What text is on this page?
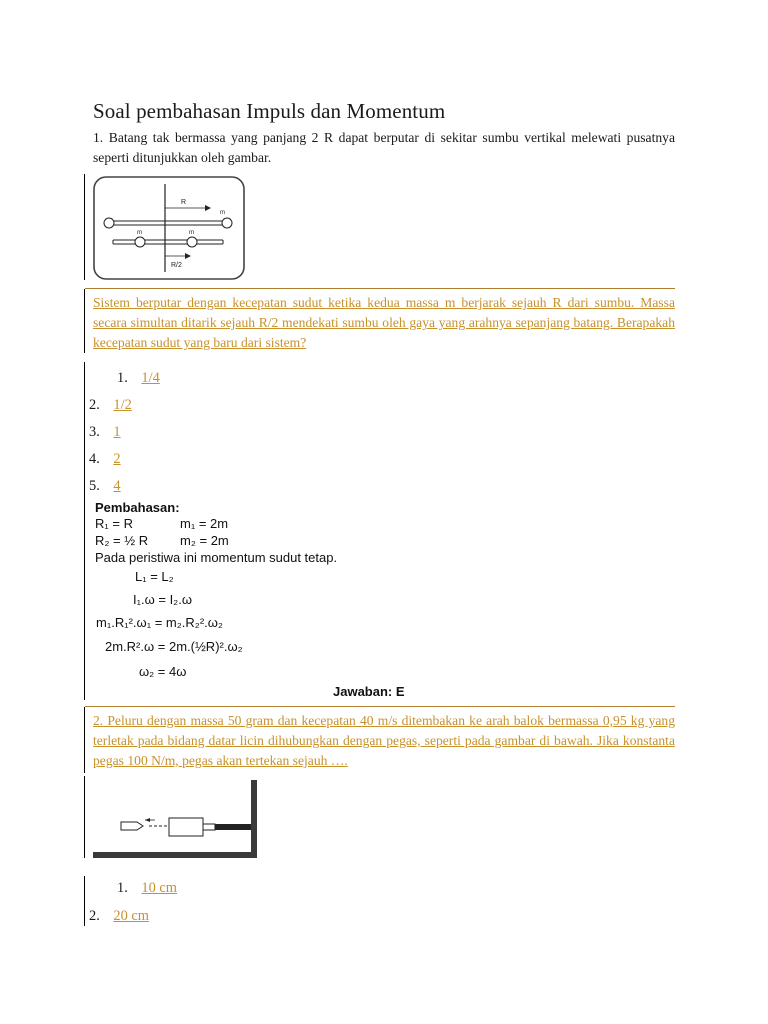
Soal pembahasan Impuls dan Momentum
1. Batang tak bermassa yang panjang 2 R dapat berputar di sekitar sumbu vertikal melewati pusatnya seperti ditunjukkan oleh gambar.
R
m
m	m
R/2
Sistem berputar dengan kecepatan sudut ketika kedua massa m berjarak sejauh R dari sumbu. Massa secara simultan ditarik sejauh R/2 mendekati sumbu oleh gaya yang arahnya sepanjang batang. Berapakah kecepatan sudut yang baru dari sistem?
1. 1/4
2. 1/2
3. 1
4. 2
5. 4
Pembahasan:
R₁ = R	m₁ = 2m
R₂ = ½ R m₂ = 2m
Pada peristiwa ini momentum sudut tetap.
L₁ = L₂
I₁.ω = I₂.ω
m₁.R₁².ω₁ = m₂.R₂².ω₂
2m.R².ω = 2m.(½R)².ω₂
ω₂ = 4ω
Jawaban: E
2. Peluru dengan massa 50 gram dan kecepatan 40 m/s ditembakan ke arah balok bermassa 0,95 kg yang terletak pada bidang datar licin dihubungkan dengan pegas, seperti pada gambar di bawah. Jika konstanta pegas 100 N/m, pegas akan tertekan sejauh ….
1. 10 cm
2. 20 cm
